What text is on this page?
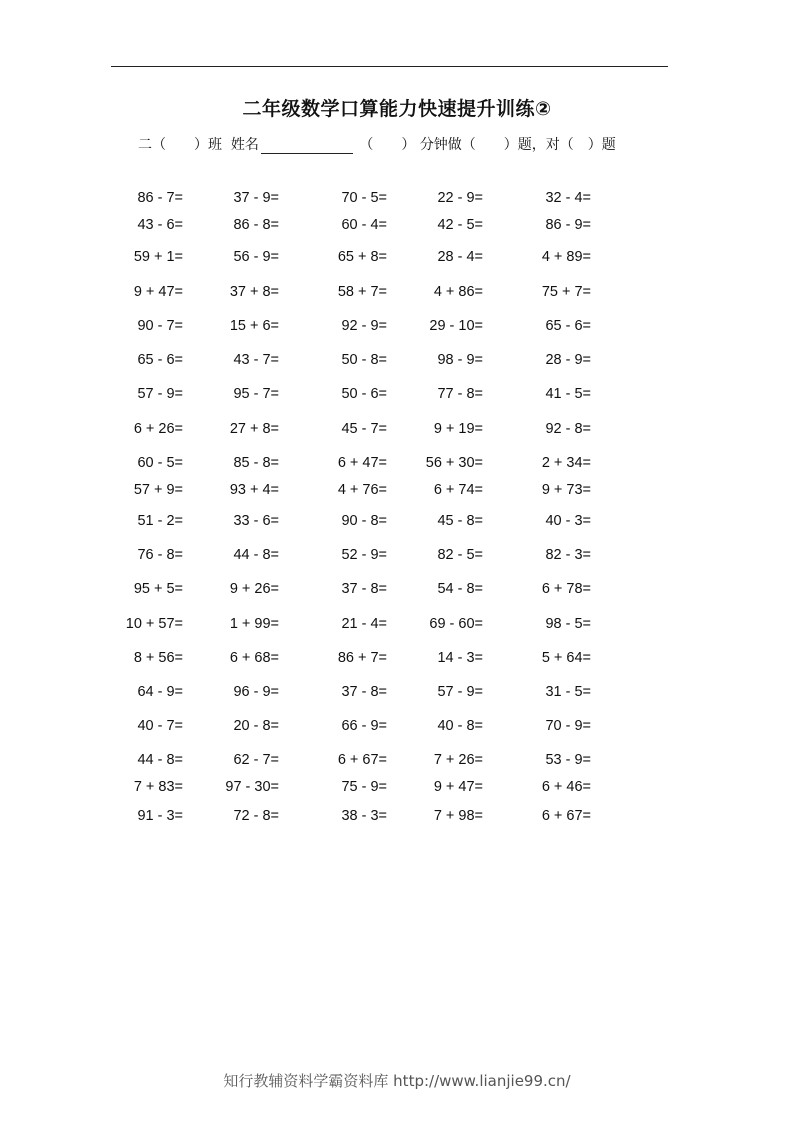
二年级数学口算能力快速提升训练②
二（　　）班 姓名	（　　） 分钟做（　　）题，对（　）题
86 - 7=	37 - 9=	70 - 5=	22 - 9=	32 - 4=
43 - 6=	86 - 8=	60 - 4=	42 - 5=	86 - 9=
59 + 1=	56 - 9=	65 + 8=	28 - 4=	4 + 89=
9 + 47=	37 + 8=	58 + 7=	4 + 86=	75 + 7=
90 - 7=	15 + 6=	92 - 9=	29 - 10=	65 - 6=
65 - 6=	43 - 7=	50 - 8=	98 - 9=	28 - 9=
57 - 9=	95 - 7=	50 - 6=	77 - 8=	41 - 5=
6 + 26=	27 + 8=	45 - 7=	9 + 19=	92 - 8=
60 - 5=	85 - 8=	6 + 47=	56 + 30=	2 + 34=
57 + 9=	93 + 4=	4 + 76=	6 + 74=	9 + 73=
51 - 2=	33 - 6=	90 - 8=	45 - 8=	40 - 3=
76 - 8=	44 - 8=	52 - 9=	82 - 5=	82 - 3=
95 + 5=	9 + 26=	37 - 8=	54 - 8=	6 + 78=
10 + 57=	1 + 99=	21 - 4=	69 - 60=	98 - 5=
8 + 56=	6 + 68=	86 + 7=	14 - 3=	5 + 64=
64 - 9=	96 - 9=	37 - 8=	57 - 9=	31 - 5=
40 - 7=	20 - 8=	66 - 9=	40 - 8=	70 - 9=
44 - 8=	62 - 7=	6 + 67=	7 + 26=	53 - 9=
7 + 83=	97 - 30=	75 - 9=	9 + 47=	6 + 46=
91 - 3=	72 - 8=	38 - 3=	7 + 98=	6 + 67=
知行教辅资料学霸资料库 http://www.lianjie99.cn/
